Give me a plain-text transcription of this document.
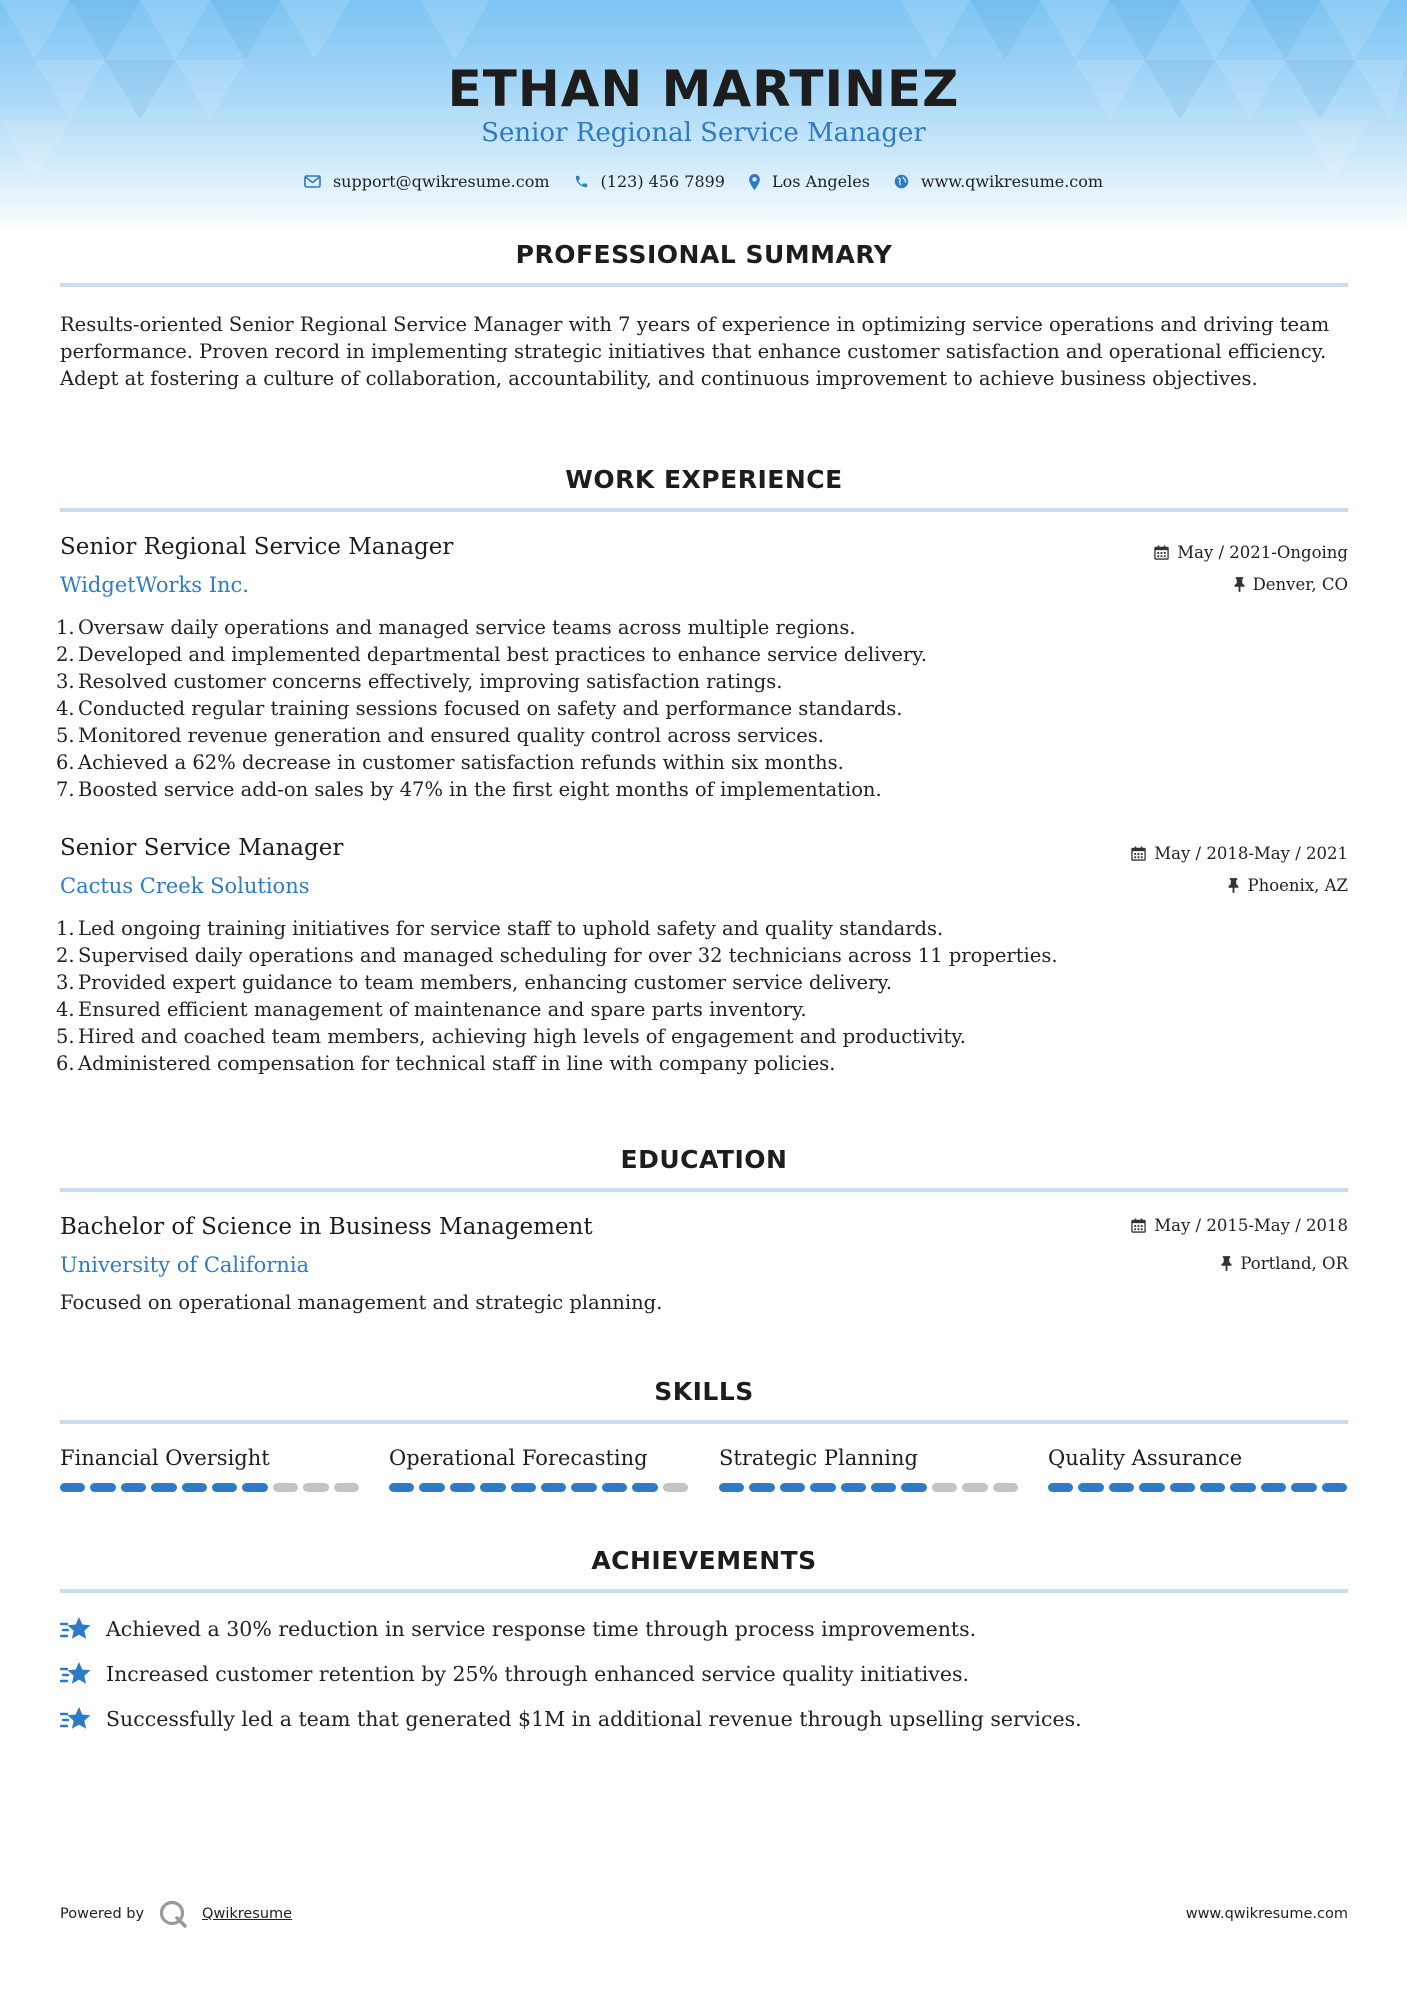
ETHAN MARTINEZ
Senior Regional Service Manager
support@qwikresume.com	(123) 456 7899	Los Angeles	www.qwikresume.com
PROFESSIONAL SUMMARY
Results-oriented Senior Regional Service Manager with 7 years of experience in optimizing service operations and driving team performance. Proven record in implementing strategic initiatives that enhance customer satisfaction and operational efficiency. Adept at fostering a culture of collaboration, accountability, and continuous improvement to achieve business objectives.
WORK EXPERIENCE
Senior Regional Service Manager
WidgetWorks Inc.
May / 2021-Ongoing
Denver, CO
1. Oversaw daily operations and managed service teams across multiple regions.
2. Developed and implemented departmental best practices to enhance service delivery.
3. Resolved customer concerns effectively, improving satisfaction ratings.
4. Conducted regular training sessions focused on safety and performance standards.
5. Monitored revenue generation and ensured quality control across services.
6. Achieved a 62% decrease in customer satisfaction refunds within six months.
7. Boosted service add-on sales by 47% in the first eight months of implementation.
Senior Service Manager
Cactus Creek Solutions
May / 2018-May / 2021
Phoenix, AZ
1. Led ongoing training initiatives for service staff to uphold safety and quality standards.
2. Supervised daily operations and managed scheduling for over 32 technicians across 11 properties.
3. Provided expert guidance to team members, enhancing customer service delivery.
4. Ensured efficient management of maintenance and spare parts inventory.
5. Hired and coached team members, achieving high levels of engagement and productivity.
6. Administered compensation for technical staff in line with company policies.
EDUCATION
Bachelor of Science in Business Management
University of California
May / 2015-May / 2018
Portland, OR
Focused on operational management and strategic planning.
SKILLS
Financial Oversight	Operational Forecasting	Strategic Planning	Quality Assurance
ACHIEVEMENTS
Achieved a 30% reduction in service response time through process improvements.
Increased customer retention by 25% through enhanced service quality initiatives.
Successfully led a team that generated $1M in additional revenue through upselling services.
Powered by	Qwikresume	www.qwikresume.com
